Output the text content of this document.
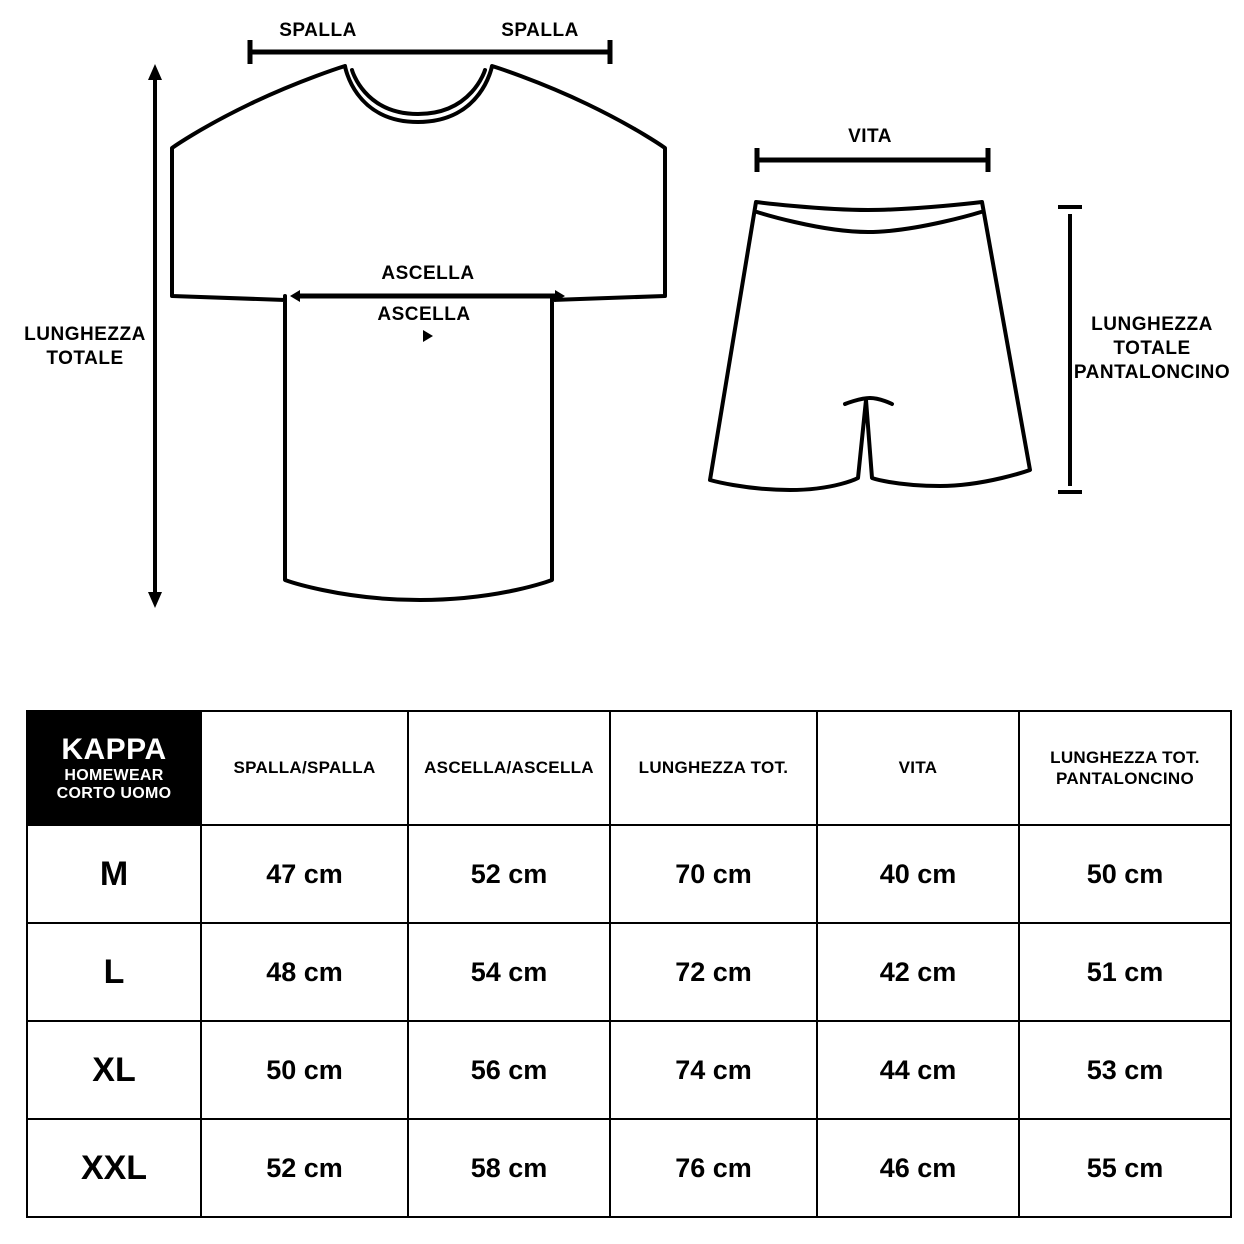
SPALLA	SPALLA
ASCELLA
ASCELLA
LUNGHEZZA
TOTALE
VITA
LUNGHEZZA
TOTALE
PANTALONCINO
KAPPA
HOMEWEAR
CORTO UOMO	SPALLA/SPALLA	ASCELLA/ASCELLA	LUNGHEZZA TOT.	VITA	LUNGHEZZA TOT. PANTALONCINO
M	47 cm	52 cm	70 cm	40 cm	50 cm
L	48 cm	54 cm	72 cm	42 cm	51 cm
XL	50 cm	56 cm	74 cm	44 cm	53 cm
XXL	52 cm	58 cm	76 cm	46 cm	55 cm
